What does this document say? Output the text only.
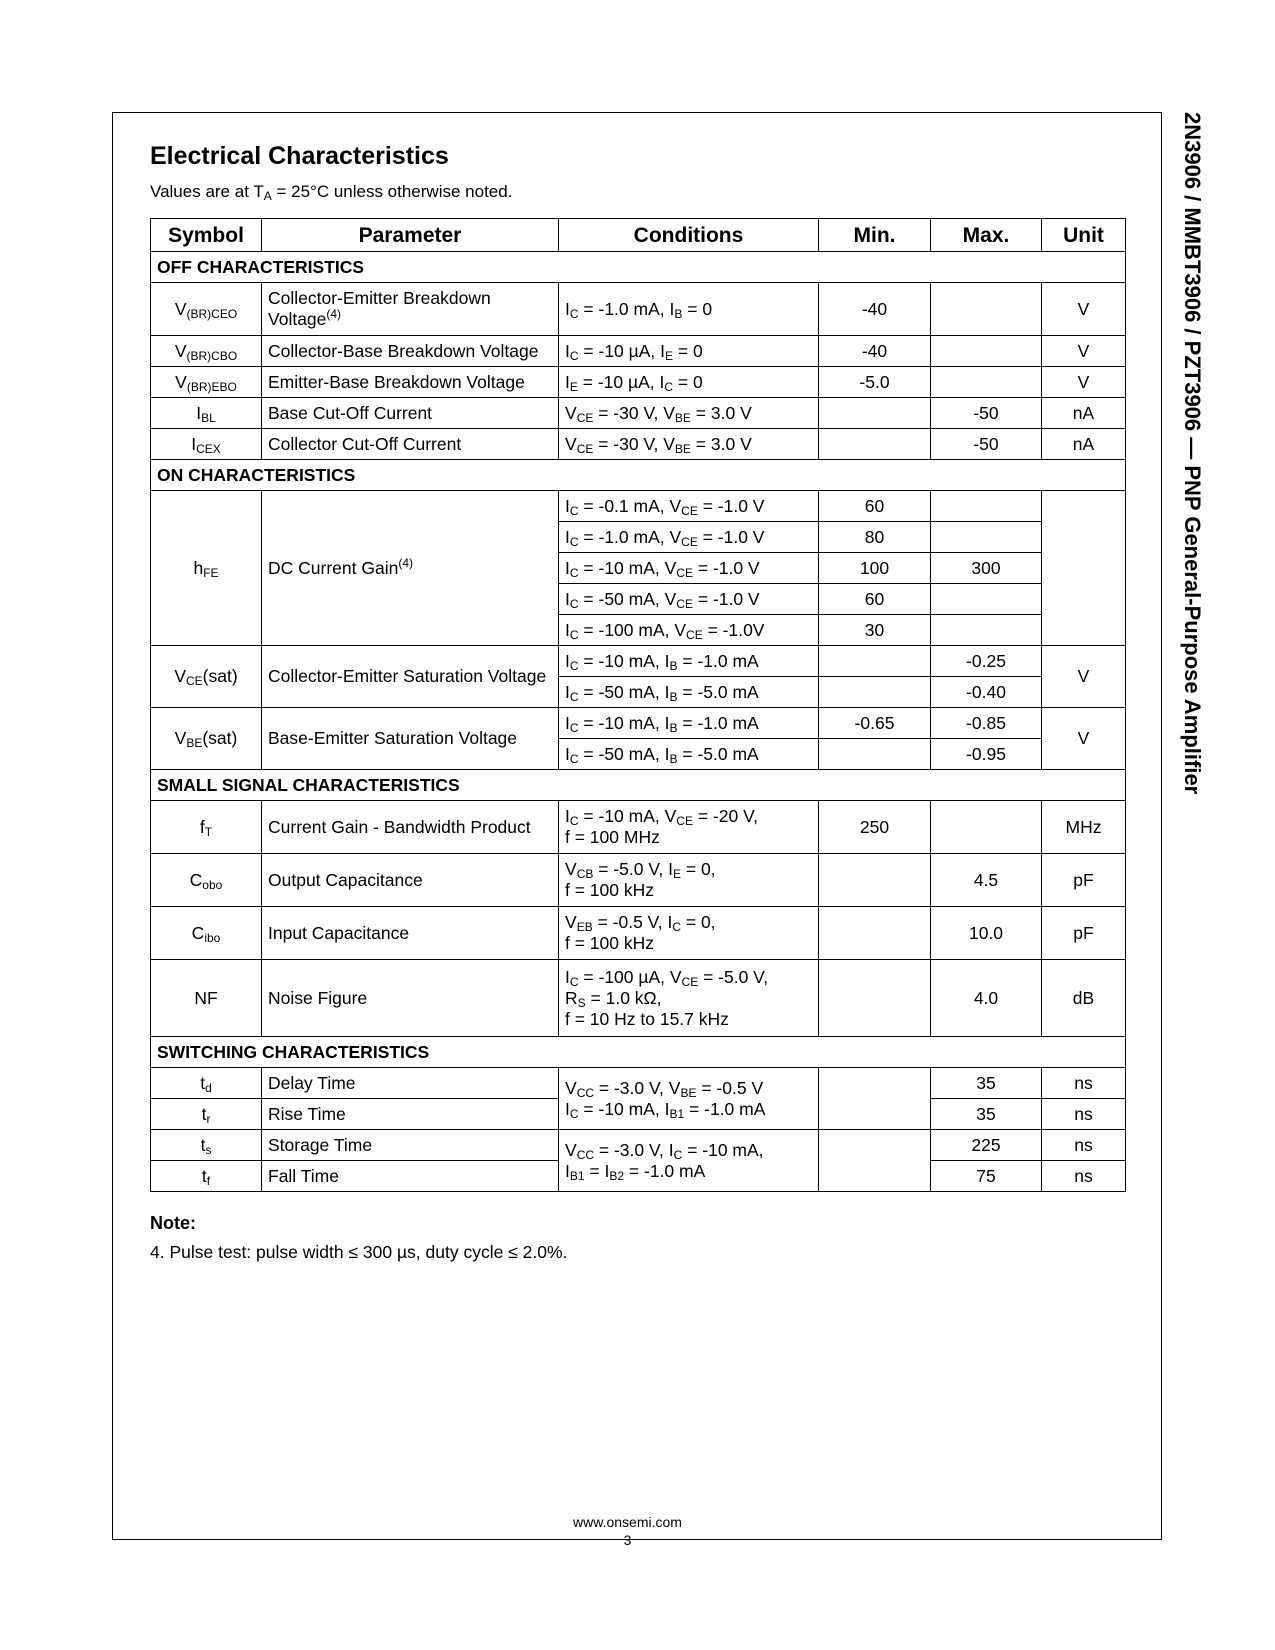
2N3906 / MMBT3906 / PZT3906 — PNP General-Purpose Amplifier
Electrical Characteristics
Values are at $T_A = 25^\circ C$ unless otherwise noted.
Symbol	Parameter	Conditions	Min.	Max.	Unit
OFF CHARACTERISTICS					
$V_{(BR)CEO}$	Collector-Emitter Breakdown Voltage$^{(4)}$	$I_C = -1.0$ mA, $I_B = 0$	-40		V
$V_{(BR)CBO}$	Collector-Base Breakdown Voltage	$I_C = -10$ µA, $I_E = 0$	-40		V
$V_{(BR)EBO}$	Emitter-Base Breakdown Voltage	$I_E = -10$ µA, $I_C = 0$	-5.0		V
$I_{BL}$	Base Cut-Off Current	$V_{CE} = -30$ V, $V_{BE} = 3.0$ V		-50	nA
$I_{CEX}$	Collector Cut-Off Current	$V_{CE} = -30$ V, $V_{BE} = 3.0$ V		-50	nA
ON CHARACTERISTICS					
$h_{FE}$	DC Current Gain$^{(4)}$	$I_C = -0.1$ mA, $V_{CE} = -1.0$ V	60		
		$I_C = -1.0$ mA, $V_{CE} = -1.0$ V	80		
		$I_C = -10$ mA, $V_{CE} = -1.0$ V	100	300	
		$I_C = -50$ mA, $V_{CE} = -1.0$ V	60		
		$I_C = -100$ mA, $V_{CE} = -1.0V$	30		
$V_{CE}(sat)$	Collector-Emitter Saturation Voltage	$I_C = -10$ mA, $I_B = -1.0$ mA		-0.25	V
		$I_C = -50$ mA, $I_B = -5.0$ mA		-0.40	
$V_{BE}(sat)$	Base-Emitter Saturation Voltage	$I_C = -10$ mA, $I_B = -1.0$ mA	-0.65	-0.85	V
		$I_C = -50$ mA, $I_B = -5.0$ mA		-0.95	
SMALL SIGNAL CHARACTERISTICS					
$f_T$	Current Gain - Bandwidth Product	$I_C = -10$ mA, $V_{CE} = -20$ V,
f = 100 MHz	250		MHz
$C_{obo}$	Output Capacitance	$V_{CB} = -5.0$ V, $I_E = 0$,
f = 100 kHz		4.5	pF
$C_{ibo}$	Input Capacitance	$V_{EB} = -0.5$ V, $I_C = 0$,
f = 100 kHz		10.0	pF
NF	Noise Figure	$I_C = -100$ µA, $V_{CE} = -5.0$ V,
$R_S = 1.0$ kΩ,
f = 10 Hz to 15.7 kHz		4.0	dB
SWITCHING CHARACTERISTICS					
$t_d$	Delay Time	$V_{CC} = -3.0$ V, $V_{BE} = -0.5$ V
$I_C = -10$ mA, $I_{B1} = -1.0$ mA		35	ns
$t_r$	Rise Time			35	ns
$t_s$	Storage Time	$V_{CC} = -3.0$ V, $I_C = -10$ mA,
$I_{B1} = I_{B2} = -1.0$ mA		225	ns
$t_f$	Fall Time			75	ns
Note:
4. Pulse test: pulse width ≤ 300 µs, duty cycle ≤ 2.0%.
www.onsemi.com
3
